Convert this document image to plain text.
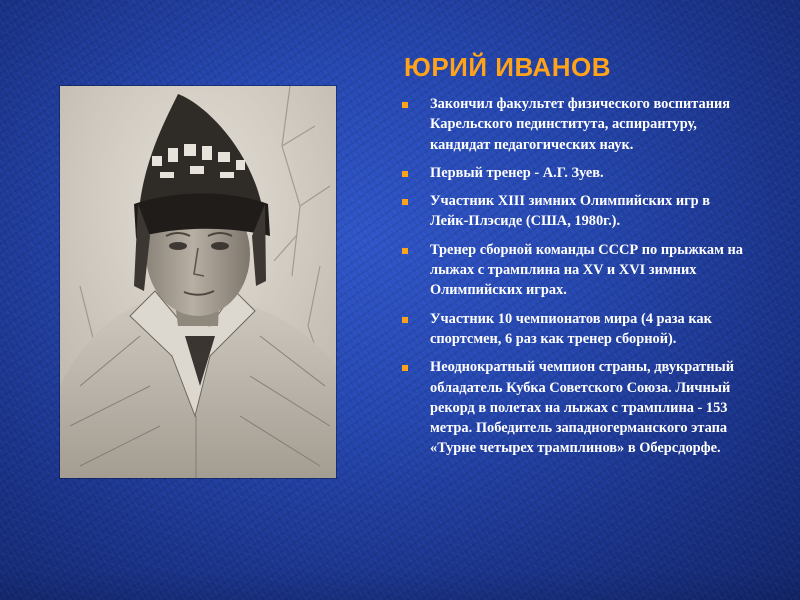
ЮРИЙ ИВАНОВ
Закончил факультет физического воспитания Карельского пединститута, аспирантуру, кандидат педагогических наук.
Первый тренер - А.Г. Зуев.
Участник XIII зимних Олимпийских игр в Лейк-Плэсиде (США, 1980г.).
Тренер сборной команды СССР по прыжкам на лыжах с трамплина на XV и XVI зимних Олимпийских играх.
Участник 10 чемпионатов мира (4 раза как спортсмен, 6 раз как тренер сборной).
Неоднократный чемпион страны, двукратный обладатель Кубка Советского Союза. Личный рекорд в полетах на лыжах с трамплина - 153 метра. Победитель западногерманского этапа «Турне четырех трамплинов» в Оберсдорфе.
